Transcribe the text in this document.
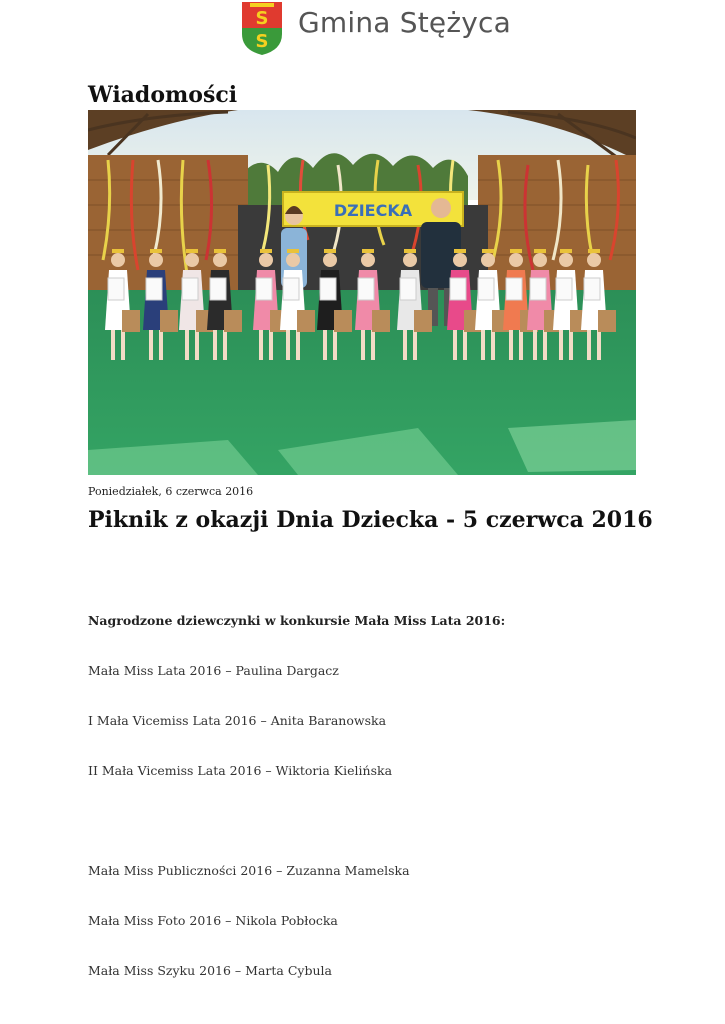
S
S
Gmina Stężyca
Wiadomości
DZIECKA
Poniedziałek, 6 czerwca 2016
Piknik z okazji Dnia Dziecka - 5 czerwca 2016

Nagrodzone dziewczynki w konkursie Mała Miss Lata 2016:

Mała Miss Lata 2016 – Paulina Dargacz

I Mała Vicemiss Lata 2016 – Anita Baranowska

II Mała Vicemiss Lata 2016 – Wiktoria Kielińska

Mała Miss Publiczności 2016 – Zuzanna Mamelska

Mała Miss Foto 2016 – Nikola Pobłocka

Mała Miss Szyku 2016 – Marta Cybula
